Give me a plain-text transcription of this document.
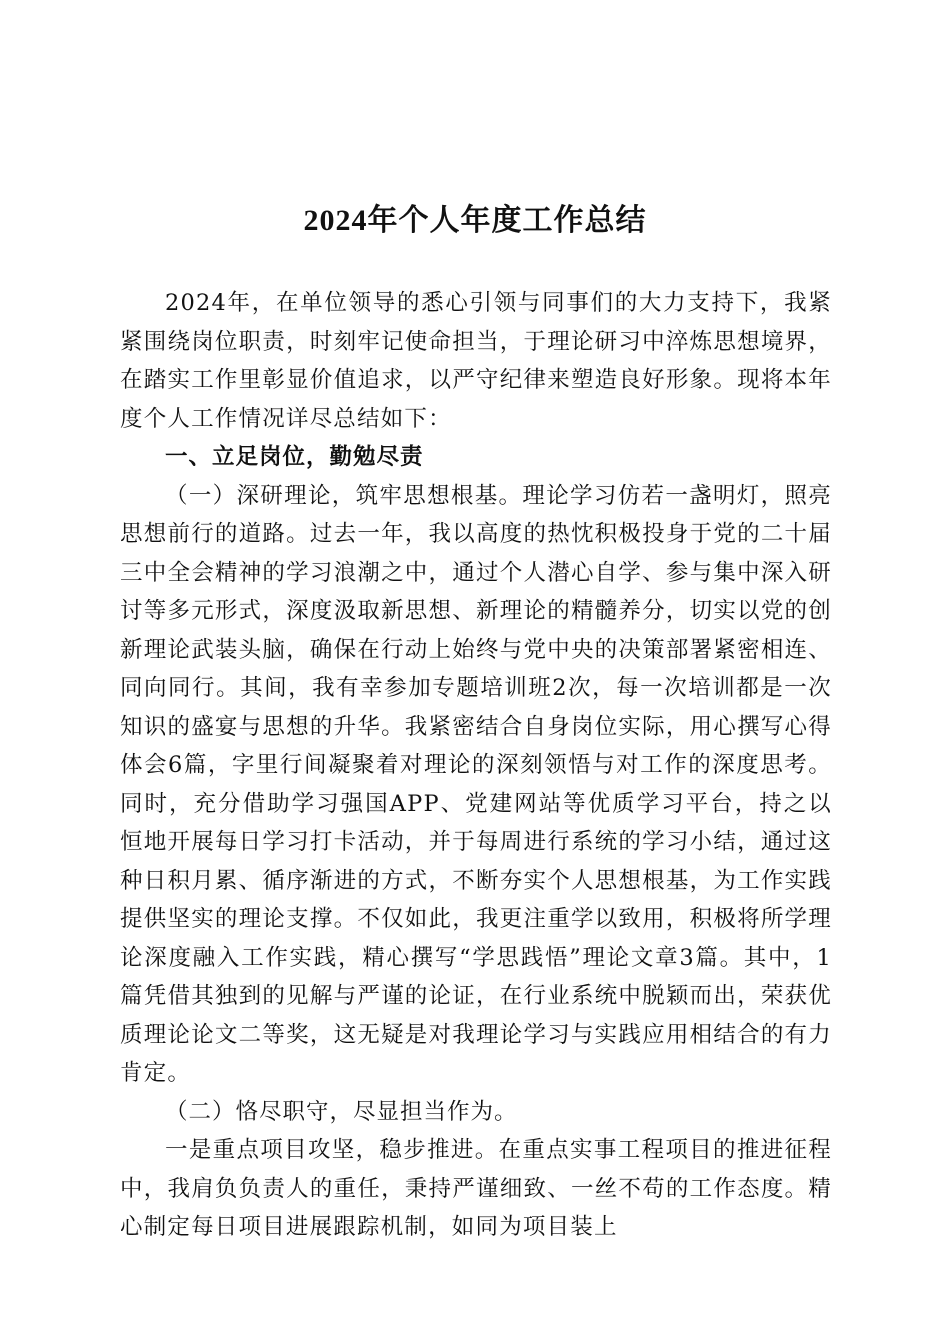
2024年个人年度工作总结

2024年，在单位领导的悉心引领与同事们的大力支持下，我紧紧围绕岗位职责，时刻牢记使命担当，于理论研习中淬炼思想境界，在踏实工作里彰显价值追求，以严守纪律来塑造良好形象。现将本年度个人工作情况详尽总结如下：

一、立足岗位，勤勉尽责

（一）深研理论，筑牢思想根基。理论学习仿若一盏明灯，照亮思想前行的道路。过去一年，我以高度的热忱积极投身于党的二十届三中全会精神的学习浪潮之中，通过个人潜心自学、参与集中深入研讨等多元形式，深度汲取新思想、新理论的精髓养分，切实以党的创新理论武装头脑，确保在行动上始终与党中央的决策部署紧密相连、同向同行。其间，我有幸参加专题培训班2次，每一次培训都是一次知识的盛宴与思想的升华。我紧密结合自身岗位实际，用心撰写心得体会6篇，字里行间凝聚着对理论的深刻领悟与对工作的深度思考。同时，充分借助学习强国APP、党建网站等优质学习平台，持之以恒地开展每日学习打卡活动，并于每周进行系统的学习小结，通过这种日积月累、循序渐进的方式，不断夯实个人思想根基，为工作实践提供坚实的理论支撑。不仅如此，我更注重学以致用，积极将所学理论深度融入工作实践，精心撰写“学思践悟”理论文章3篇。其中，1篇凭借其独到的见解与严谨的论证，在行业系统中脱颖而出，荣获优质理论论文二等奖，这无疑是对我理论学习与实践应用相结合的有力肯定。

（二）恪尽职守，尽显担当作为。

一是重点项目攻坚，稳步推进。在重点实事工程项目的推进征程中，我肩负负责人的重任，秉持严谨细致、一丝不苟的工作态度。精心制定每日项目进展跟踪机制，如同为项目装上
